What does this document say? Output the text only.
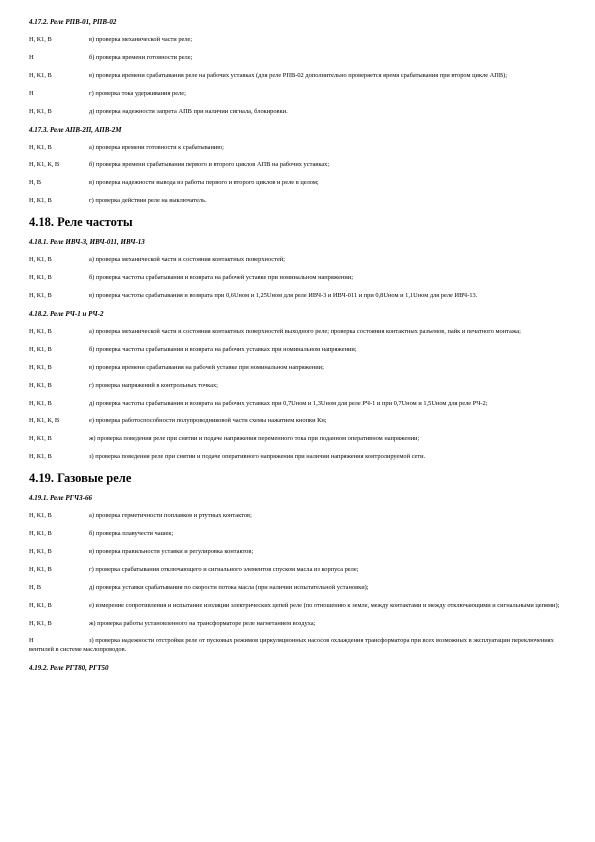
4.17.2. Реле РПВ-01, РПВ-02
Н, К1, В	в) проверка механической части реле;
Н	б) проверка времени готовности реле;
Н, К1, В	в) проверка времени срабатывания реле на рабочих уставках (для реле РПВ-02 дополнительно проверяется время срабатывания при втором цикле АПВ);
Н	г) проверка тока удерживания реле;
Н, К1, В	д) проверка надежности запрета АПВ при наличии сигнала, блокировки.
4.17.3. Реле АПВ-2П, АПВ-2М
Н, К1, В	а) проверка времени готовности к срабатыванию;
Н, К1, К, В	б) проверка времени срабатывания первого и второго циклов АПВ на рабочих уставках;
Н, В	в) проверка надежности вывода из работы первого и второго циклов и реле в целом;
Н, К1, В	г) проверка действия реле на выключатель.
4.18. Реле частоты
4.18.1. Реле ИВЧ-3, ИВЧ-011, ИВЧ-13
Н, К1, В	а) проверка механической части и состояния контактных поверхностей;
Н, К1, В	б) проверка частоты срабатывания и возврата на рабочей уставке при номинальном напряжении;
Н, К1, В	в) проверка частоты срабатывания и возврата при 0,6Uном и 1,25Uном для реле ИВЧ-3 и ИВЧ-011 и при 0,8Uном и 1,1Uном для реле ИВЧ-13.
4.18.2. Реле РЧ-1 и РЧ-2
Н, К1, В	а) проверка механической части и состояния контактных поверхностей выходного реле; проверка состояния контактных разъемов, пайк и печатного монтажа;
Н, К1, В	б) проверка частоты срабатывания и возврата на рабочих уставках при номинальном напряжении;
Н, К1, В	в) проверка времени срабатывания на рабочей уставке при номинальном напряжении;
Н, К1, В	г) проверка напряжений в контрольных точках;
Н, К1, В	д) проверка частоты срабатывания и возврата на рабочих уставках при 0,7Uном и 1,3Uном для реле РЧ-1 и при 0,7Uном и 1,5Uном для реле РЧ-2;
Н, К1, К, В	е) проверка работоспособности полупроводниковой части схемы нажатием кнопки Кн;
Н, К1, В	ж) проверка поведения реле при снятии и подаче напряжения переменного тока при поданном оперативном напряжении;
Н, К1, В	з) проверка поведения реле при снятии и подаче оперативного напряжения при наличии напряжения контролируемой сети.
4.19. Газовые реле
4.19.1. Реле РГЧЗ-66
Н, К1, В	а) проверка герметичности поплавков и ртутных контактов;
Н, К1, В	б) проверка плавучести чашек;
Н, К1, В	в) проверка правильности уставки и регулировка контактов;
Н, К1, В	г) проверка срабатывания отключающего и сигнального элементов спуском масла из корпуса реле;
Н, В	д) проверка уставки срабатывания по скорости потока масла (при наличии испытательной установки);
Н, К1, В	е) измерение сопротивления и испытание изоляции электрических цепей реле (по отношению к земле, между контактами и между отключающими и сигнальными цепями);
Н, К1, В	ж) проверка работы установленного на трансформаторе реле нагнетанием воздуха;
Н	з) проверка надежности отстройки реле от пусковых режимов циркуляционных насосов охлаждения трансформатора при всех возможных в эксплуатации переключениях вентилей в системе маслопроводов.
4.19.2. Реле РГТ80, РГТ50
